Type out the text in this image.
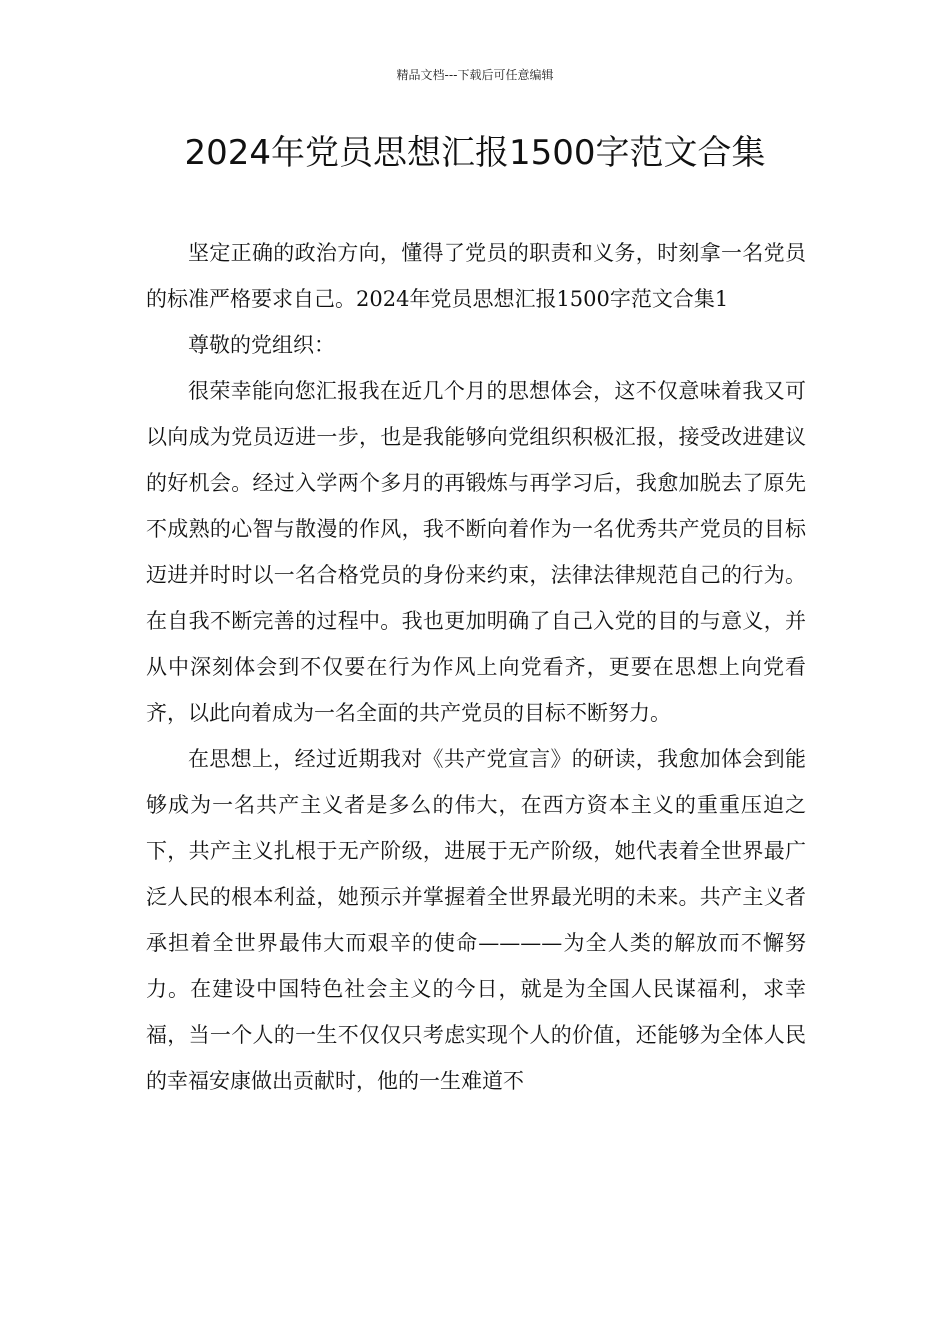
精品文档---下载后可任意编辑
2024年党员思想汇报1500字范文合集

坚定正确的政治方向，懂得了党员的职责和义务，时刻拿一名党员的标准严格要求自己。2024年党员思想汇报1500字范文合集1

尊敬的党组织：

很荣幸能向您汇报我在近几个月的思想体会，这不仅意味着我又可以向成为党员迈进一步，也是我能够向党组织积极汇报，接受改进建议的好机会。经过入学两个多月的再锻炼与再学习后，我愈加脱去了原先不成熟的心智与散漫的作风，我不断向着作为一名优秀共产党员的目标迈进并时时以一名合格党员的身份来约束，法律法律规范自己的行为。在自我不断完善的过程中。我也更加明确了自己入党的目的与意义，并从中深刻体会到不仅要在行为作风上向党看齐，更要在思想上向党看齐，以此向着成为一名全面的共产党员的目标不断努力。

在思想上，经过近期我对《共产党宣言》的研读，我愈加体会到能够成为一名共产主义者是多么的伟大，在西方资本主义的重重压迫之下，共产主义扎根于无产阶级，进展于无产阶级，她代表着全世界最广泛人民的根本利益，她预示并掌握着全世界最光明的未来。共产主义者承担着全世界最伟大而艰辛的使命————为全人类的解放而不懈努力。在建设中国特色社会主义的今日，就是为全国人民谋福利，求幸福，当一个人的一生不仅仅只考虑实现个人的价值，还能够为全体人民的幸福安康做出贡献时，他的一生难道不
